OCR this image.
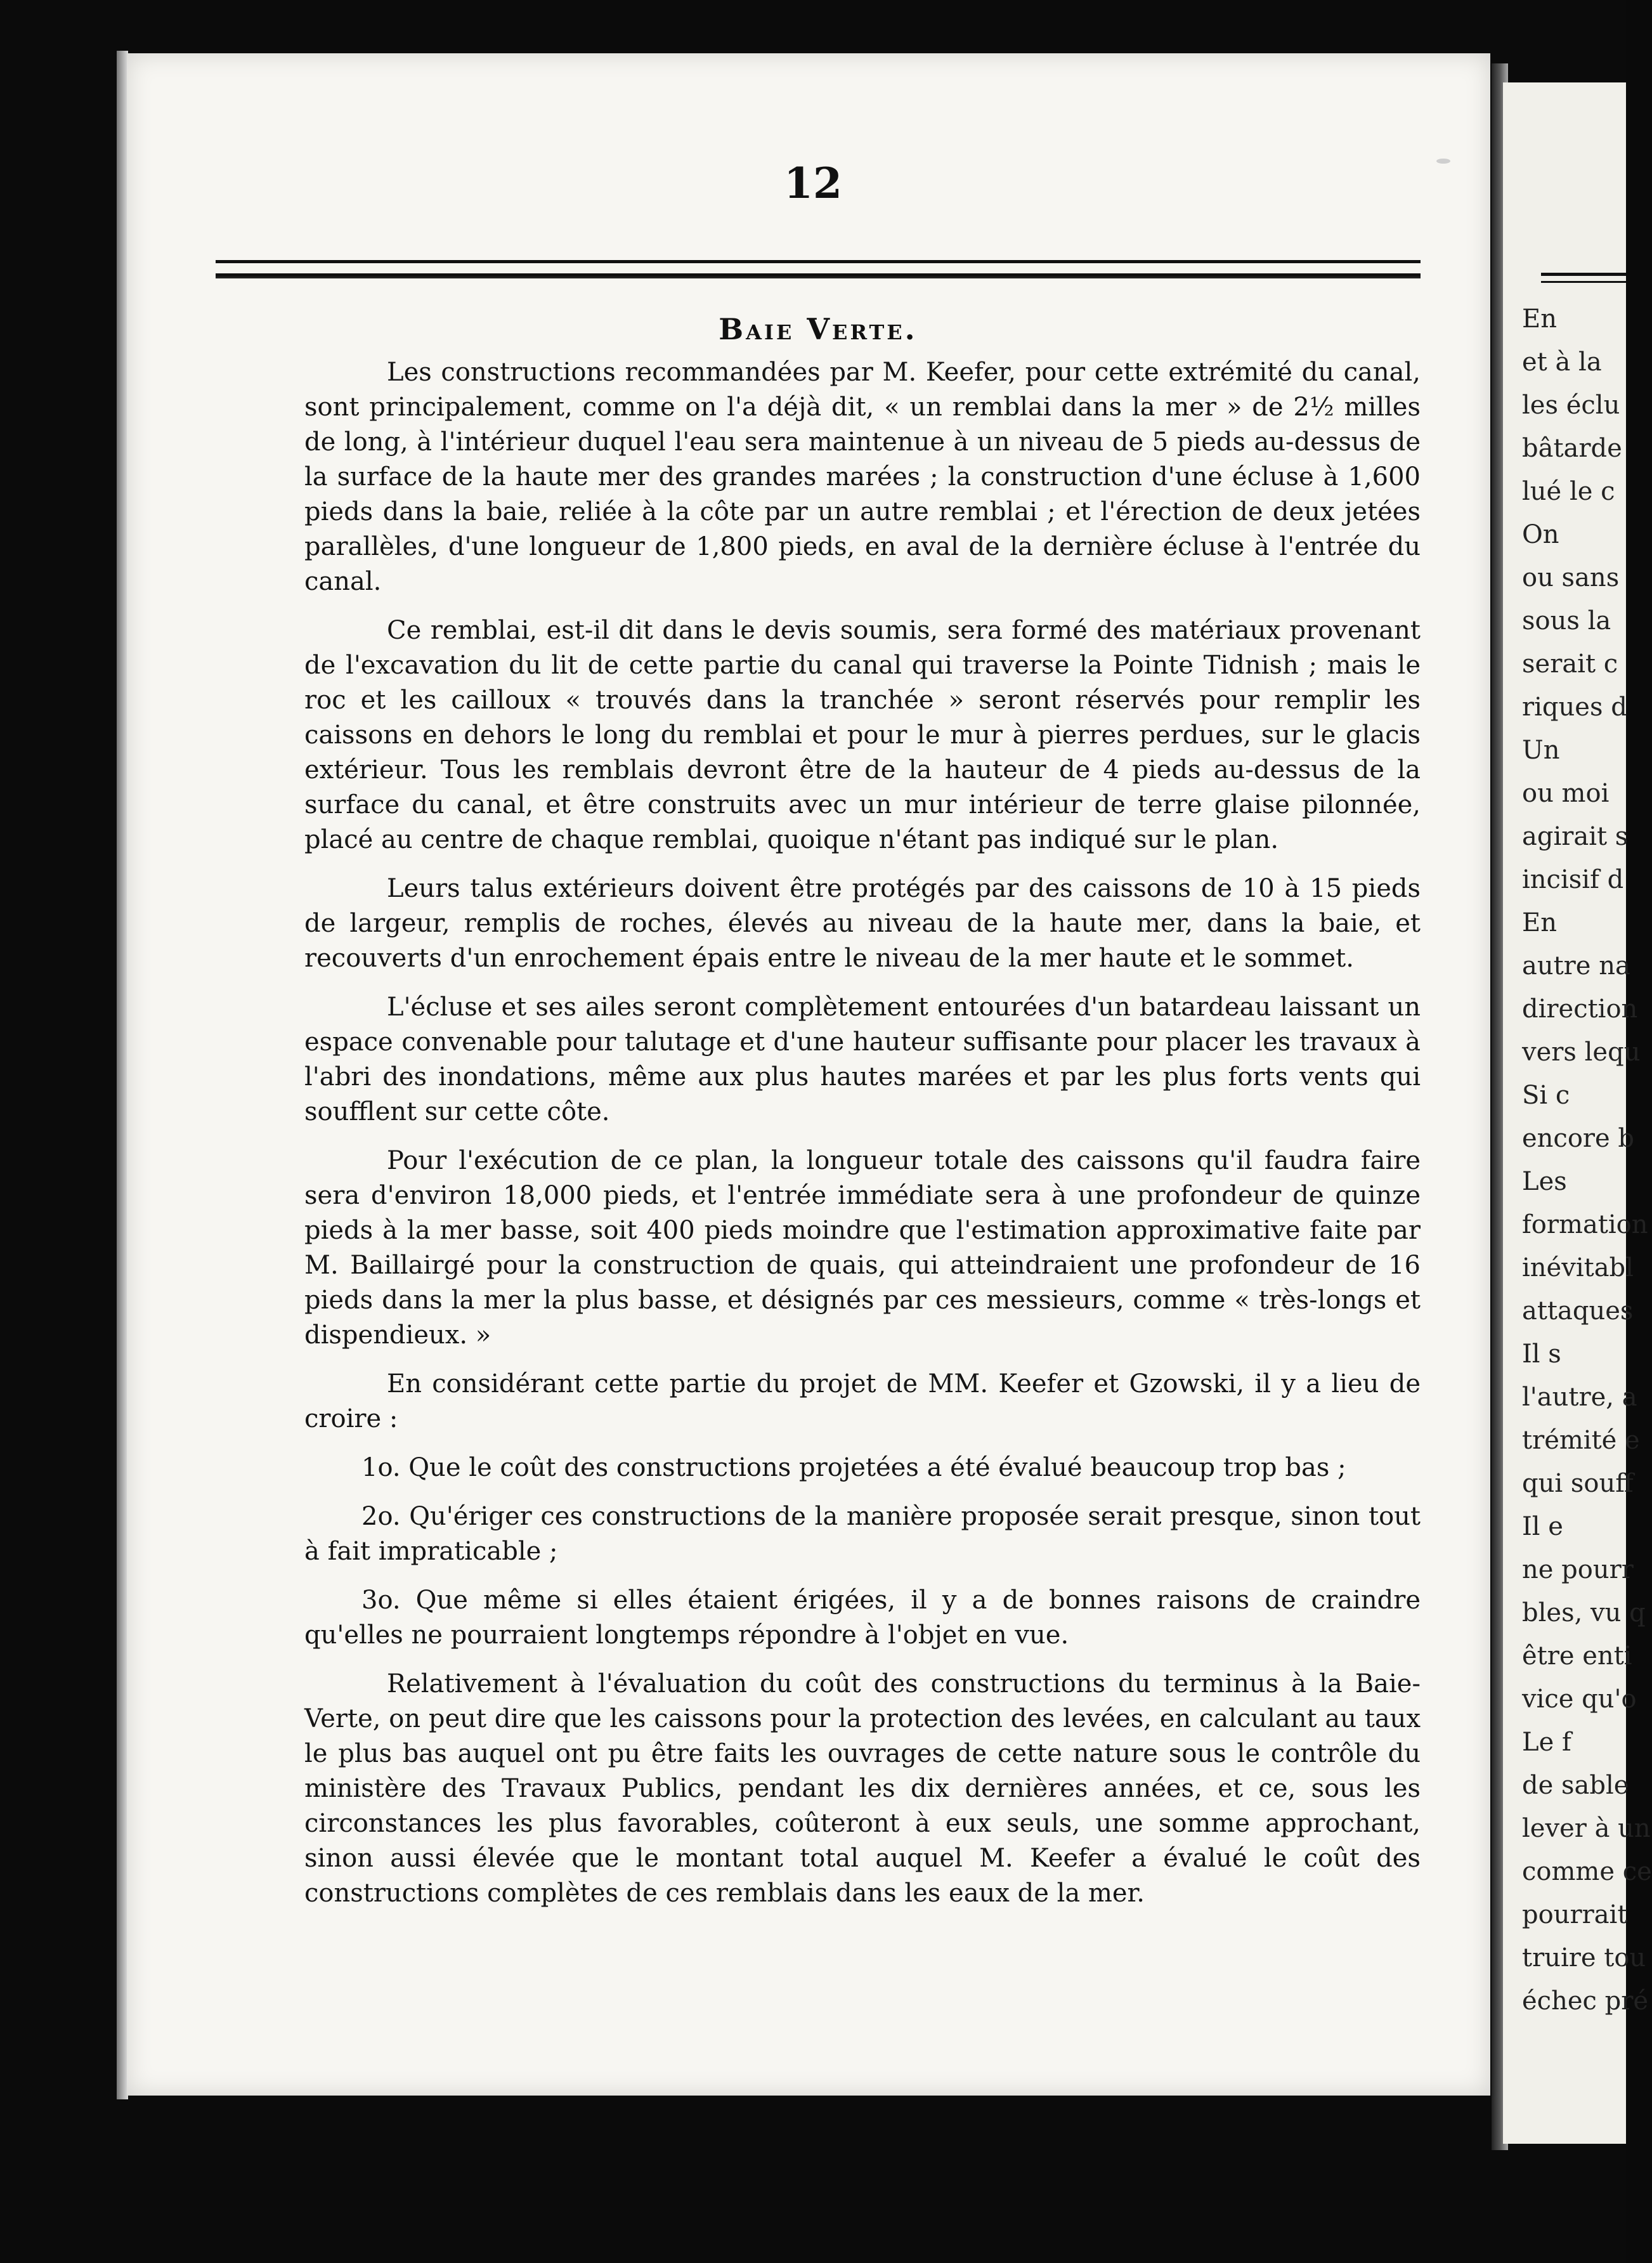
12
Baie Verte.

Les constructions recommandées par M. Keefer, pour cette extrémité du canal, sont principalement, comme on l'a déjà dit, « un remblai dans la mer » de 2½ milles de long, à l'intérieur duquel l'eau sera maintenue à un niveau de 5 pieds au-dessus de la surface de la haute mer des grandes marées ; la construction d'une écluse à 1,600 pieds dans la baie, reliée à la côte par un autre remblai ; et l'érection de deux jetées parallèles, d'une longueur de 1,800 pieds, en aval de la dernière écluse à l'entrée du canal.

Ce remblai, est-il dit dans le devis soumis, sera formé des matériaux provenant de l'excavation du lit de cette partie du canal qui traverse la Pointe Tidnish ; mais le roc et les cailloux « trouvés dans la tranchée » seront réservés pour remplir les caissons en dehors le long du remblai et pour le mur à pierres perdues, sur le glacis extérieur. Tous les remblais devront être de la hauteur de 4 pieds au-dessus de la surface du canal, et être construits avec un mur intérieur de terre glaise pilonnée, placé au centre de chaque remblai, quoique n'étant pas indiqué sur le plan.

Leurs talus extérieurs doivent être protégés par des caissons de 10 à 15 pieds de largeur, remplis de roches, élevés au niveau de la haute mer, dans la baie, et recouverts d'un enrochement épais entre le niveau de la mer haute et le sommet.

L'écluse et ses ailes seront complètement entourées d'un batardeau laissant un espace convenable pour talutage et d'une hauteur suffisante pour placer les travaux à l'abri des inondations, même aux plus hautes marées et par les plus forts vents qui soufflent sur cette côte.

Pour l'exécution de ce plan, la longueur totale des caissons qu'il faudra faire sera d'environ 18,000 pieds, et l'entrée immédiate sera à une profondeur de quinze pieds à la mer basse, soit 400 pieds moindre que l'estimation approximative faite par M. Baillairgé pour la construction de quais, qui atteindraient une profondeur de 16 pieds dans la mer la plus basse, et désignés par ces messieurs, comme « très-longs et dispendieux. »

En considérant cette partie du projet de MM. Keefer et Gzowski, il y a lieu de croire :

1o. Que le coût des constructions projetées a été évalué beaucoup trop bas ;

2o. Qu'ériger ces constructions de la manière proposée serait presque, sinon tout à fait impraticable ;

3o. Que même si elles étaient érigées, il y a de bonnes raisons de craindre qu'elles ne pourraient longtemps répondre à l'objet en vue.

Relativement à l'évaluation du coût des constructions du terminus à la Baie-Verte, on peut dire que les caissons pour la protection des levées, en calculant au taux le plus bas auquel ont pu être faits les ouvrages de cette nature sous le contrôle du ministère des Travaux Publics, pendant les dix dernières années, et ce, sous les circonstances les plus favorables, coûteront à eux seuls, une somme approchant, sinon aussi élevée que le montant total auquel M. Keefer a évalué le coût des constructions complètes de ces remblais dans les eaux de la mer.

En
et à la
les éclu
bâtarde
lué le c
On
ou sans
sous la
serait c
riques d
Un
ou moi
agirait s
incisif d
En
autre na
direction
vers lequ
Si c
encore b
Les
formation
inévitabl
attaques
Il s
l'autre, a
trémité e
qui souff
Il e
ne pourr
bles, vu q
être enti
vice qu'o
Le f
de sable
lever à un
comme ce
pourrait
truire tou
échec pré
